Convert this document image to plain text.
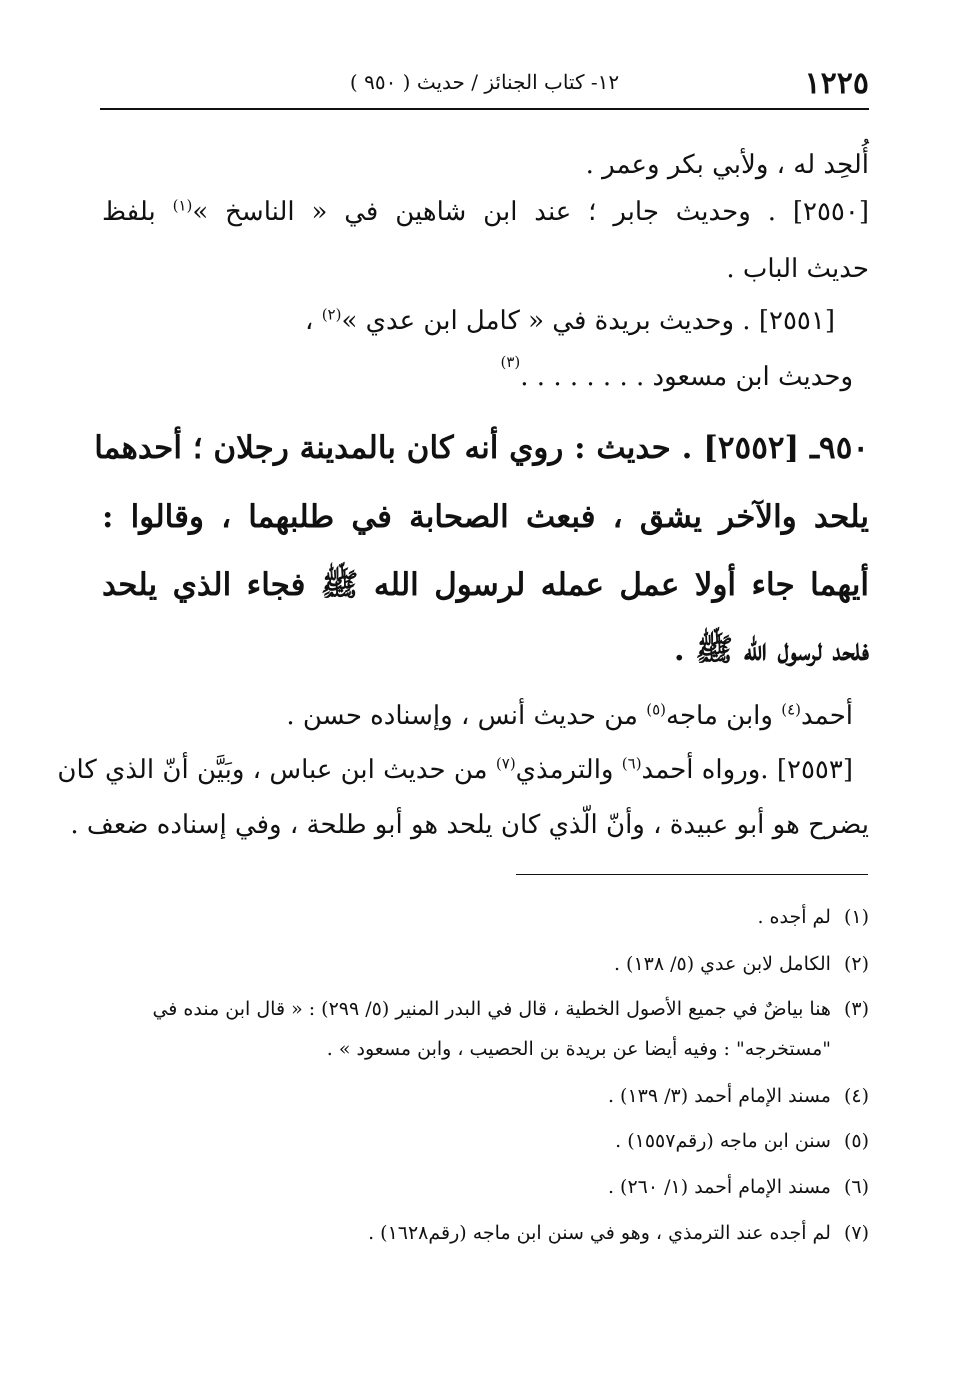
١٢٢٥
١٢- كتاب الجنائز / حديث ( ٩٥٠ )
أُلحِد له ، ولأبي بكر وعمر .
[٢٥٥٠] . وحديث جابر ؛ عند ابن شاهين في « الناسخ »$^{(١)}$ بلفظ
حديث الباب .
[٢٥٥١] . وحديث بريدة في « كامل ابن عدي »$^{(٢)}$ ،
وحديث ابن مسعود . . . . . . . .$^{(٣)}$
٩٥٠ـ [٢٥٥٢] . حديث : روي أنه كان بالمدينة رجلان ؛ أحدهما
يلحد والآخر يشق ، فبعث الصحابة في طلبهما ، وقالوا :
أيهما جاء أولا عمل عمله لرسول الله ﷺ فجاء الذي يلحد
فلحد لرسول الله ﷺ .
أحمد$^{(٤)}$ وابن ماجه$^{(٥)}$ من حديث أنس ، وإسناده حسن .
[٢٥٥٣] .ورواه أحمد$^{(٦)}$ والترمذي$^{(٧)}$ من حديث ابن عباس ، وبَيَّن أنّ الذي كان
يضرح هو أبو عبيدة ، وأنّ الّذي كان يلحد هو أبو طلحة ، وفي إسناده ضعف .
(١) لم أجده .
(٢) الكامل لابن عدي (٥/ ١٣٨) .
(٣) هنا بياضٌ في جميع الأصول الخطية ، قال في البدر المنير (٥/ ٢٩٩) : « قال ابن منده في
"مستخرجه" : وفيه أيضا عن بريدة بن الحصيب ، وابن مسعود » .
(٤) مسند الإمام أحمد (٣/ ١٣٩) .
(٥) سنن ابن ماجه (رقم١٥٥٧) .
(٦) مسند الإمام أحمد (١/ ٢٦٠) .
(٧) لم أجده عند الترمذي ، وهو في سنن ابن ماجه (رقم١٦٢٨) .
